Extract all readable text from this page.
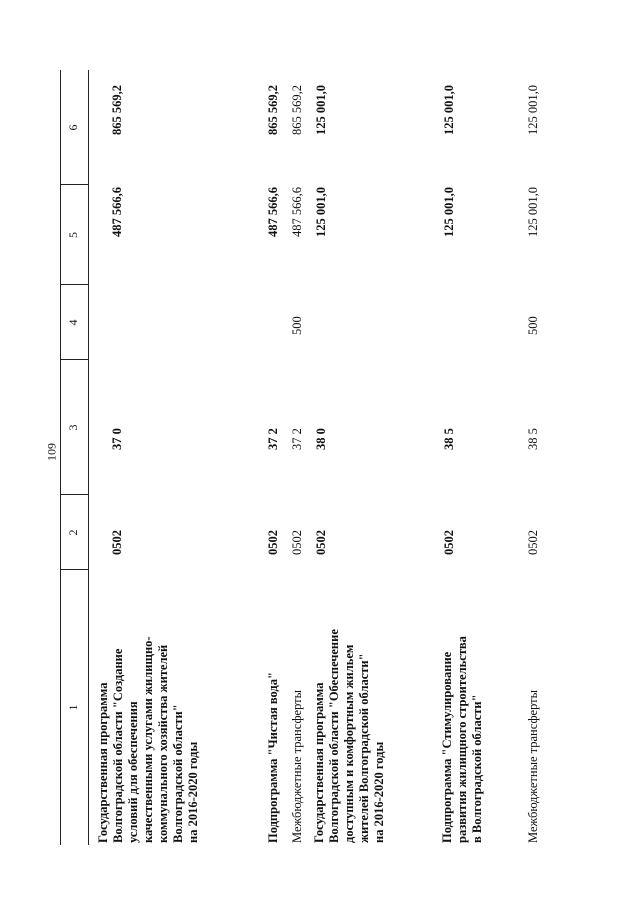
109
1
2
3
4
5
6
Государственная программа Волгоградской области "Создание условий для обеспечения качественными услугами жилищно- коммунального хозяйства жителей Волгоградской области" на 2016-2020 годы
0502
37 0
487 566,6
865 569,2
Подпрограмма "Чистая вода"
0502
37 2
487 566,6
865 569,2
Межбюджетные трансферты
0502
37 2
500
487 566,6
865 569,2
Государственная программа Волгоградской области "Обеспечение доступным и комфортным жильем жителей Волгоградской области" на 2016-2020 годы
0502
38 0
125 001,0
125 001,0
Подпрограмма "Стимулирование развития жилищного строительства в Волгоградской области"
0502
38 5
125 001,0
125 001,0
Межбюджетные трансферты
0502
38 5
500
125 001,0
125 001,0
